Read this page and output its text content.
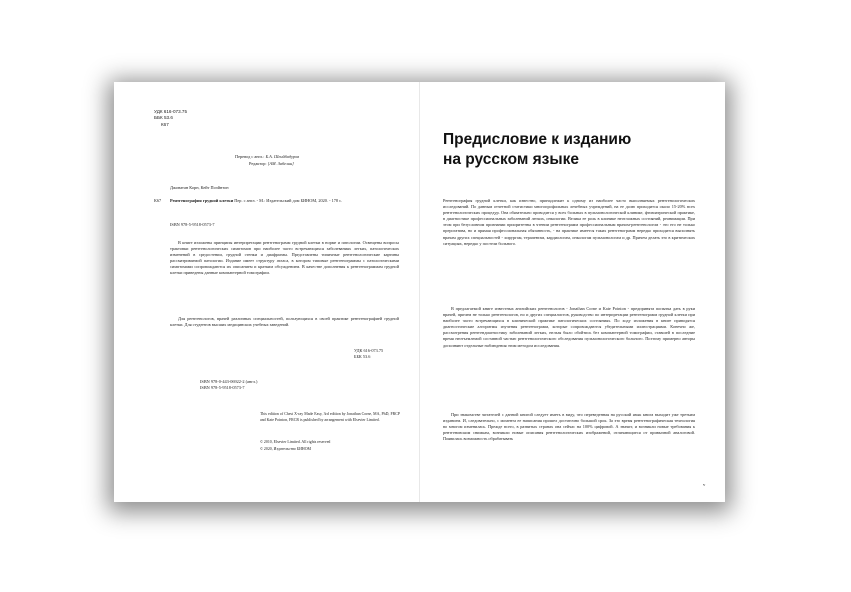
УДК 616-073.75
ББК 53.6
К67
Перевод с англ.: Б.А. Шеийбадуров
Редактор: [АМ. Забелин]
Джонатан Корн, Кейт Поэйнтон
К67 Рентгенография грудной клетки Пер. с англ. - М.: Издательский дом БИНОМ, 2020. - 178 с.
ISBN 978-5-9518-0573-7
В книге изложены принципы интерпретации рентгенограмм грудной клетки в норме и патологии. Освещены вопросы трактовки рентгенологических симптомов при наиболее часто встречающихся заболеваниях легких, патологических изменений в средостении, грудной стенки и диафрагмы. Представлены типичные рентгенологические картины рассматриваемой патологии. Издание имеет структуру атласа, в котором типовые рентгенограммы с патологическими симптомами сопровождаются их описанием и кратким обсуждением. В качестве дополнения к рентгенограммам грудной клетки приведены данные компьютерной томографии.
Для рентгенологов, врачей различных специальностей, пользующихся в своей практике рентгенографией грудной клетки. Для студентов высших медицинских учебных заведений.
УДК 616-073.75
ББК 53.6
ISBN 978-0-443-06922-2 (англ.)
ISBN 978-5-9518-0573-7
This edition of Chest X-ray Made Easy, 3rd edition by Jonathan Corne, MA, PhD, FRCP and Kate Pointon, FRCR is published by arrangement with Elsevier Limited.
© 2010, Elsevier Limited. All rights reserved
© 2020, Издательство БИНОМ
Предисловие к изданию
на русском языке
Рентгенография грудной клетки, как известно, принадлежит к одному из наиболее часто выполняемых рентгенологических исследований. По данным отчетной статистики многопрофильных лечебных учреждений, на ее долю приходится около 15-20% всех рентгенологических процедур. Она обязательно проводится у всех больных в пульмонологической клинике, фтизиатрической практике, в диагностике профессиональных заболеваний легких, онкологии. Велика ее роль в клинике неотложных состояний, реанимации. При этом при безусловном признании приоритетны в чтении рентгенограмм профессиональным врачом-рентгенологом - это его не только прерогатива, но и прямая профессиональная обязанность, - на практике имеется таких рентгенограмм нередко приходится выполнять врачам других специальностей - хирургам, терапевтам, кардиологам, онкологам пульмонологам и др. Причем делать это в критических ситуациях, нередко у постели больного.
В предлагаемой книге известных английских рентгенологов - Jonathan Corne и Kate Pointon - предпринята попытка дать в руки врачей, причем не только рентгенологов, но и других специалистов, руководство по интерпретации рентгенограмм грудной клетки при наиболее часто встречающихся в клинической практике патологических состояниях. По ходу изложения в книге приводятся диагностические алгоритмы изучения рентгенограмм, которые сопровождаются убедительными иллюстрациями. Конечно же, рассмотрения рентгендиагностику заболеваний легких, нельзя было обойтись без компьютерной томографии, ставшей в последние время неотъемлемой составной частью рентгенологического обследования пульмонологического больного. Поэтому примерно авторы дополняют отдельные наблюдения этим методом исследования.
При знакомстве читателей с данной книгой следует иметь в виду, что переведенная на русский язык книга выходит уже третьим изданием. И, следовательно, с момента ее написания прошел достаточно большой срок. За это время рентгенографическая технология во многом изменилась. Прежде всего, в развитых странах она сейчас на 100% цифровой. А значит, и возникли новые требования к рентгеновским снимкам, возникли новые описания рентгенологических изображений, отличающиеся от привычной аналоговой. Появилась возможность обрабатывать
v
